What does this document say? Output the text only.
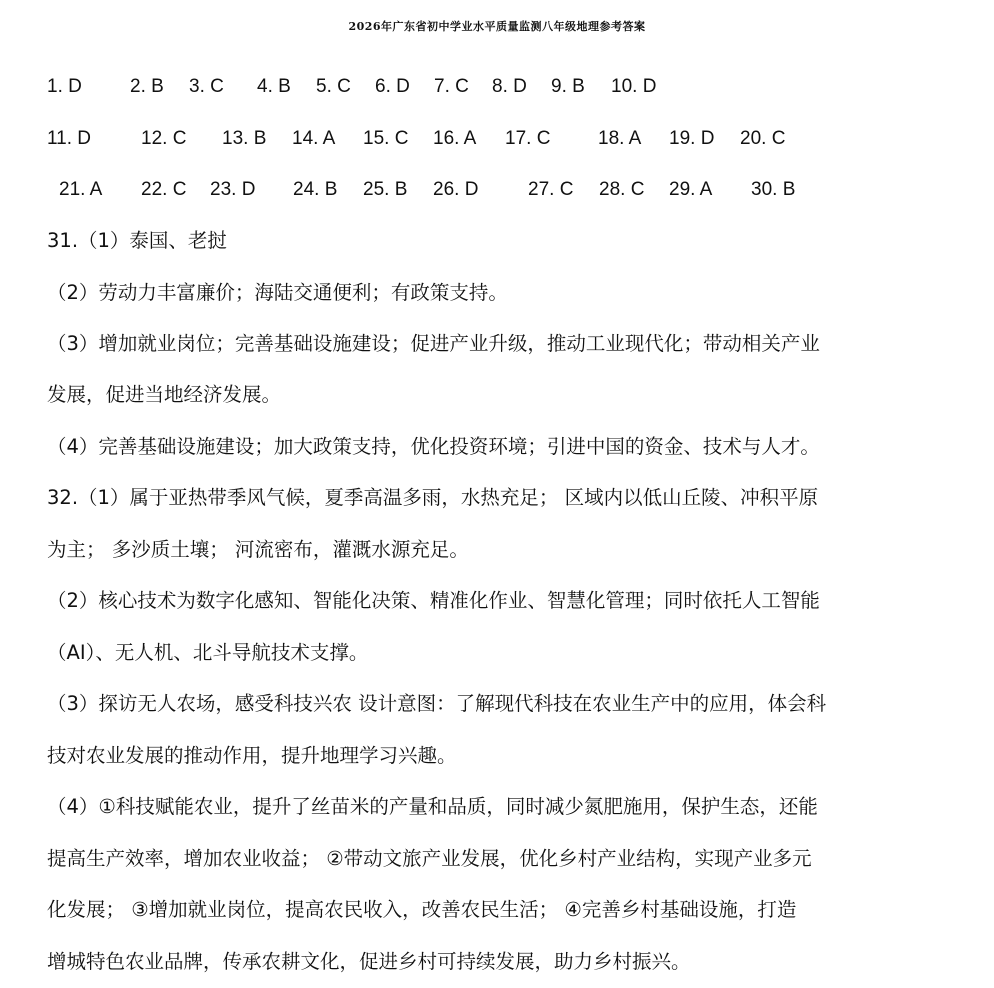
2026年广东省初中学业水平质量监测八年级地理参考答案
1. D	2. B 3. C 4. B 5. C 6. D 7. C 8. D 9. B 10. D
11. D	12. C 13. B 14. A 15. C 16. A 17. C	18. A 19. D 20. C
21. A 22. C 23. D 24. B 25. B 26. D	27. C 28. C 29. A 30. B
31.（1）泰国、老挝
（2）劳动力丰富廉价；海陆交通便利；有政策支持。
（3）增加就业岗位；完善基础设施建设；促进产业升级，推动工业现代化；带动相关产业
发展，促进当地经济发展。
（4）完善基础设施建设；加大政策支持，优化投资环境；引进中国的资金、技术与人才。
32.（1）属于亚热带季风气候，夏季高温多雨，水热充足； 区域内以低山丘陵、冲积平原
为主； 多沙质土壤； 河流密布，灌溉水源充足。
（2）核心技术为数字化感知、智能化决策、精准化作业、智慧化管理；同时依托人工智能
（AI）、无人机、北斗导航技术支撑。
（3）探访无人农场，感受科技兴农 设计意图：了解现代科技在农业生产中的应用，体会科
技对农业发展的推动作用，提升地理学习兴趣。
（4）①科技赋能农业，提升了丝苗米的产量和品质，同时减少氮肥施用，保护生态，还能
提高生产效率，增加农业收益； ②带动文旅产业发展，优化乡村产业结构，实现产业多元
化发展； ③增加就业岗位，提高农民收入，改善农民生活； ④完善乡村基础设施，打造
增城特色农业品牌，传承农耕文化，促进乡村可持续发展，助力乡村振兴。
